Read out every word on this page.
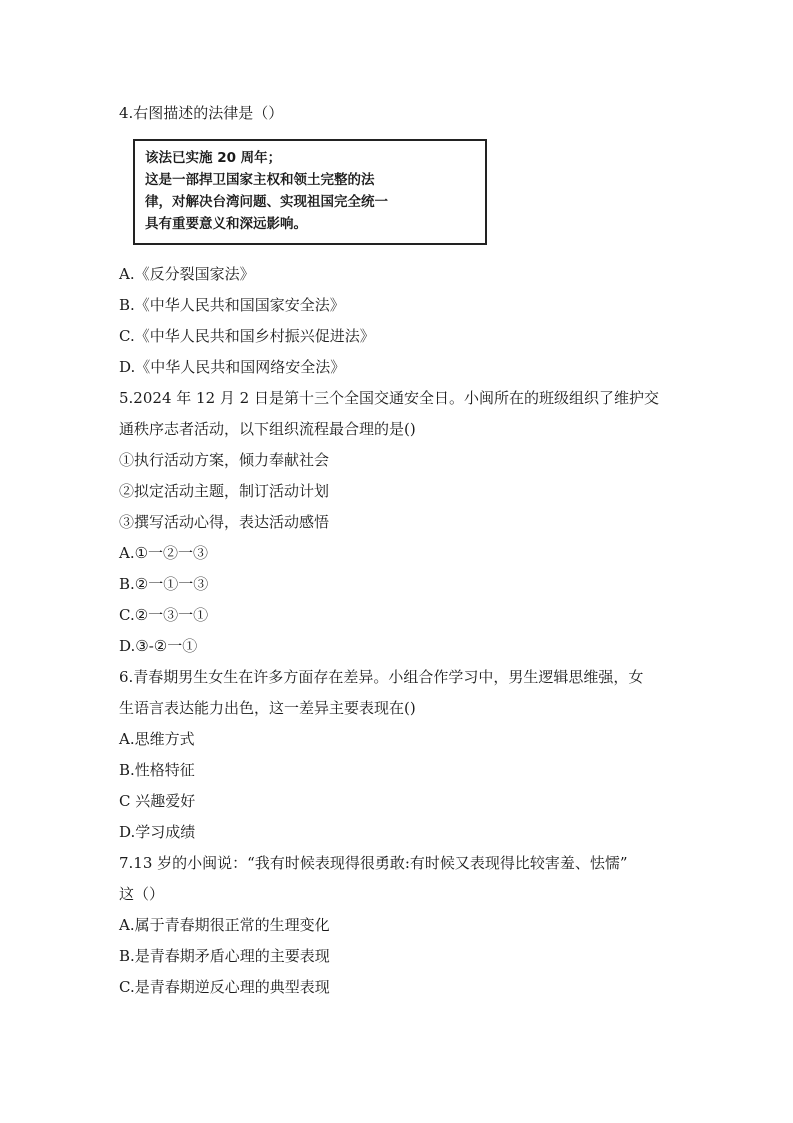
4.右图描述的法律是（）
该法已实施 20 周年；
这是一部捍卫国家主权和领土完整的法
律，对解决台湾问题、实现祖国完全统一
具有重要意义和深远影响。
A.《反分裂国家法》
B.《中华人民共和国国家安全法》
C.《中华人民共和国乡村振兴促进法》
D.《中华人民共和国网络安全法》
5.2024 年 12 月 2 日是第十三个全国交通安全日。小闽所在的班级组织了维护交
通秩序志者活动，以下组织流程最合理的是()
①执行活动方案，倾力奉献社会
②拟定活动主题，制订活动计划
③撰写活动心得，表达活动感悟
A.①一②一③
B.②一①一③
C.②一③一①
D.③-②一①
6.青春期男生女生在许多方面存在差异。小组合作学习中，男生逻辑思维强，女
生语言表达能力出色，这一差异主要表现在()
A.思维方式
B.性格特征
C 兴趣爱好
D.学习成绩
7.13 岁的小闽说：“我有时候表现得很勇敢:有时候又表现得比较害羞、怯懦”
这（）
A.属于青春期很正常的生理变化
B.是青春期矛盾心理的主要表现
C.是青春期逆反心理的典型表现
